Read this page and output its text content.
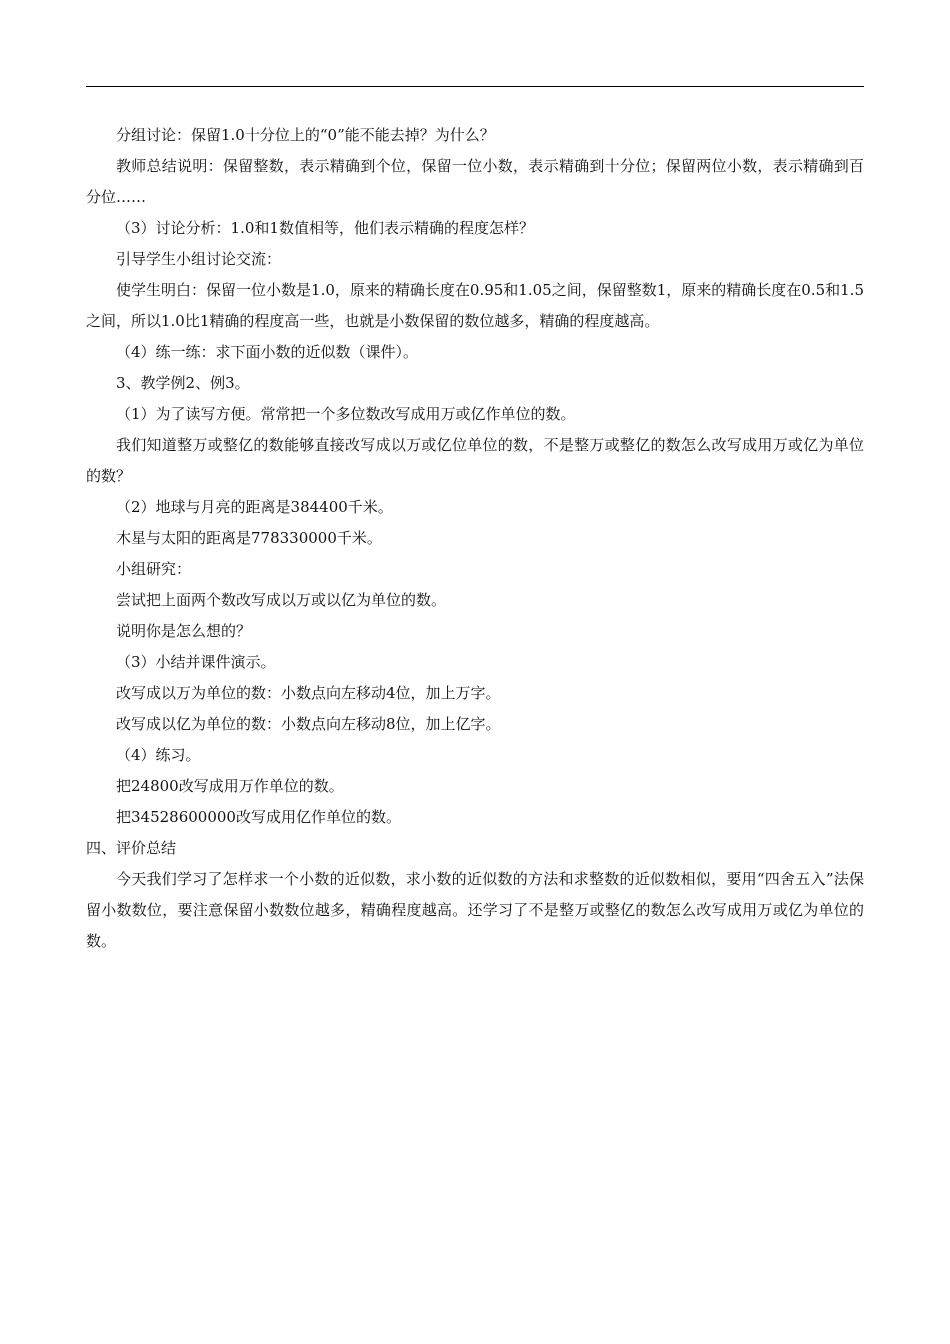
分组讨论：保留1.0十分位上的“0”能不能去掉？为什么？

教师总结说明：保留整数，表示精确到个位，保留一位小数，表示精确到十分位；保留两位小数，表示精确到百分位……

（3）讨论分析：1.0和1数值相等，他们表示精确的程度怎样？

引导学生小组讨论交流：

使学生明白：保留一位小数是1.0，原来的精确长度在0.95和1.05之间，保留整数1，原来的精确长度在0.5和1.5之间，所以1.0比1精确的程度高一些，也就是小数保留的数位越多，精确的程度越高。

（4）练一练：求下面小数的近似数（课件）。

3、教学例2、例3。

（1）为了读写方便。常常把一个多位数改写成用万或亿作单位的数。

我们知道整万或整亿的数能够直接改写成以万或亿位单位的数，不是整万或整亿的数怎么改写成用万或亿为单位的数？

（2）地球与月亮的距离是384400千米。

木星与太阳的距离是778330000千米。

小组研究：

尝试把上面两个数改写成以万或以亿为单位的数。

说明你是怎么想的？

（3）小结并课件演示。

改写成以万为单位的数：小数点向左移动4位，加上万字。

改写成以亿为单位的数：小数点向左移动8位，加上亿字。

（4）练习。

把24800改写成用万作单位的数。

把34528600000改写成用亿作单位的数。

四、评价总结

今天我们学习了怎样求一个小数的近似数，求小数的近似数的方法和求整数的近似数相似，要用“四舍五入”法保留小数数位，要注意保留小数数位越多，精确程度越高。还学习了不是整万或整亿的数怎么改写成用万或亿为单位的数。
